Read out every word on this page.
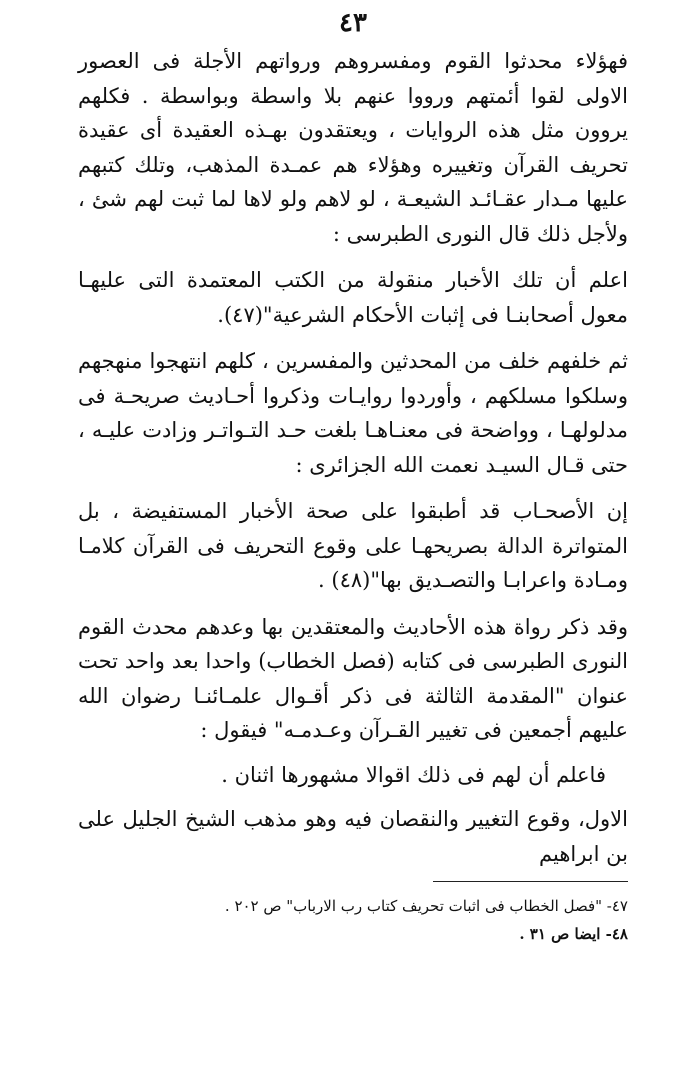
٤٣

فهؤلاء محدثوا القوم ومفسروهم ورواتهم الأجلة فى العصور الاولى لقوا أئمتهم ورووا عنهم بلا واسطة وبواسطة . فكلهم يروون مثل هذه الروايات ، ويعتقدون بهـذه العقيدة أى عقيدة تحريف القرآن وتغييره وهؤلاء هم عمـدة المذهب، وتلك كتبهم عليها مـدار عقـائـد الشيعـة ، لو لاهم ولو لاها لما ثبت لهم شئ ، ولأجل ذلك قال النورى الطبرسى :

اعلم أن تلك الأخبار منقولة من الكتب المعتمدة التى عليهـا معول أصحابنـا فى إثبات الأحكام الشرعية"(٤٧).

ثم خلفهم خلف من المحدثين والمفسرين ، كلهم انتهجوا منهجهم وسلكوا مسلكهم ، وأوردوا روايـات وذكروا أحـاديث صريحـة فى مدلولهـا ، وواضحة فى معنـاهـا بلغت حـد التـواتـر وزادت عليـه ، حتى قـال السيـد نعمت الله الجزائرى :

إن الأصحـاب قد أطبقوا على صحة الأخبار المستفيضة ، بل المتواترة الدالة بصريحهـا على وقوع التحريف فى القرآن كلامـا ومـادة واعرابـا والتصـديق بها"(٤٨) .

وقد ذكر رواة هذه الأحاديث والمعتقدين بها وعدهم محدث القوم النورى الطبرسى فى كتابه (فصل الخطاب) واحدا بعد واحد تحت عنوان "المقدمة الثالثة فى ذكر أقـوال علمـائنـا رضوان الله عليهم أجمعين فى تغيير القـرآن وعـدمـه" فيقول :

فاعلم أن لهم فى ذلك اقوالا مشهورها اثنان .

الاول، وقوع التغيير والنقصان فيه وهو مذهب الشيخ الجليل على بن ابراهيم

٤٧- "فصل الخطاب فى اثبات تحريف كتاب رب الارباب" ص ٢٠٢ .

٤٨- ايضا ص ٣١ .
